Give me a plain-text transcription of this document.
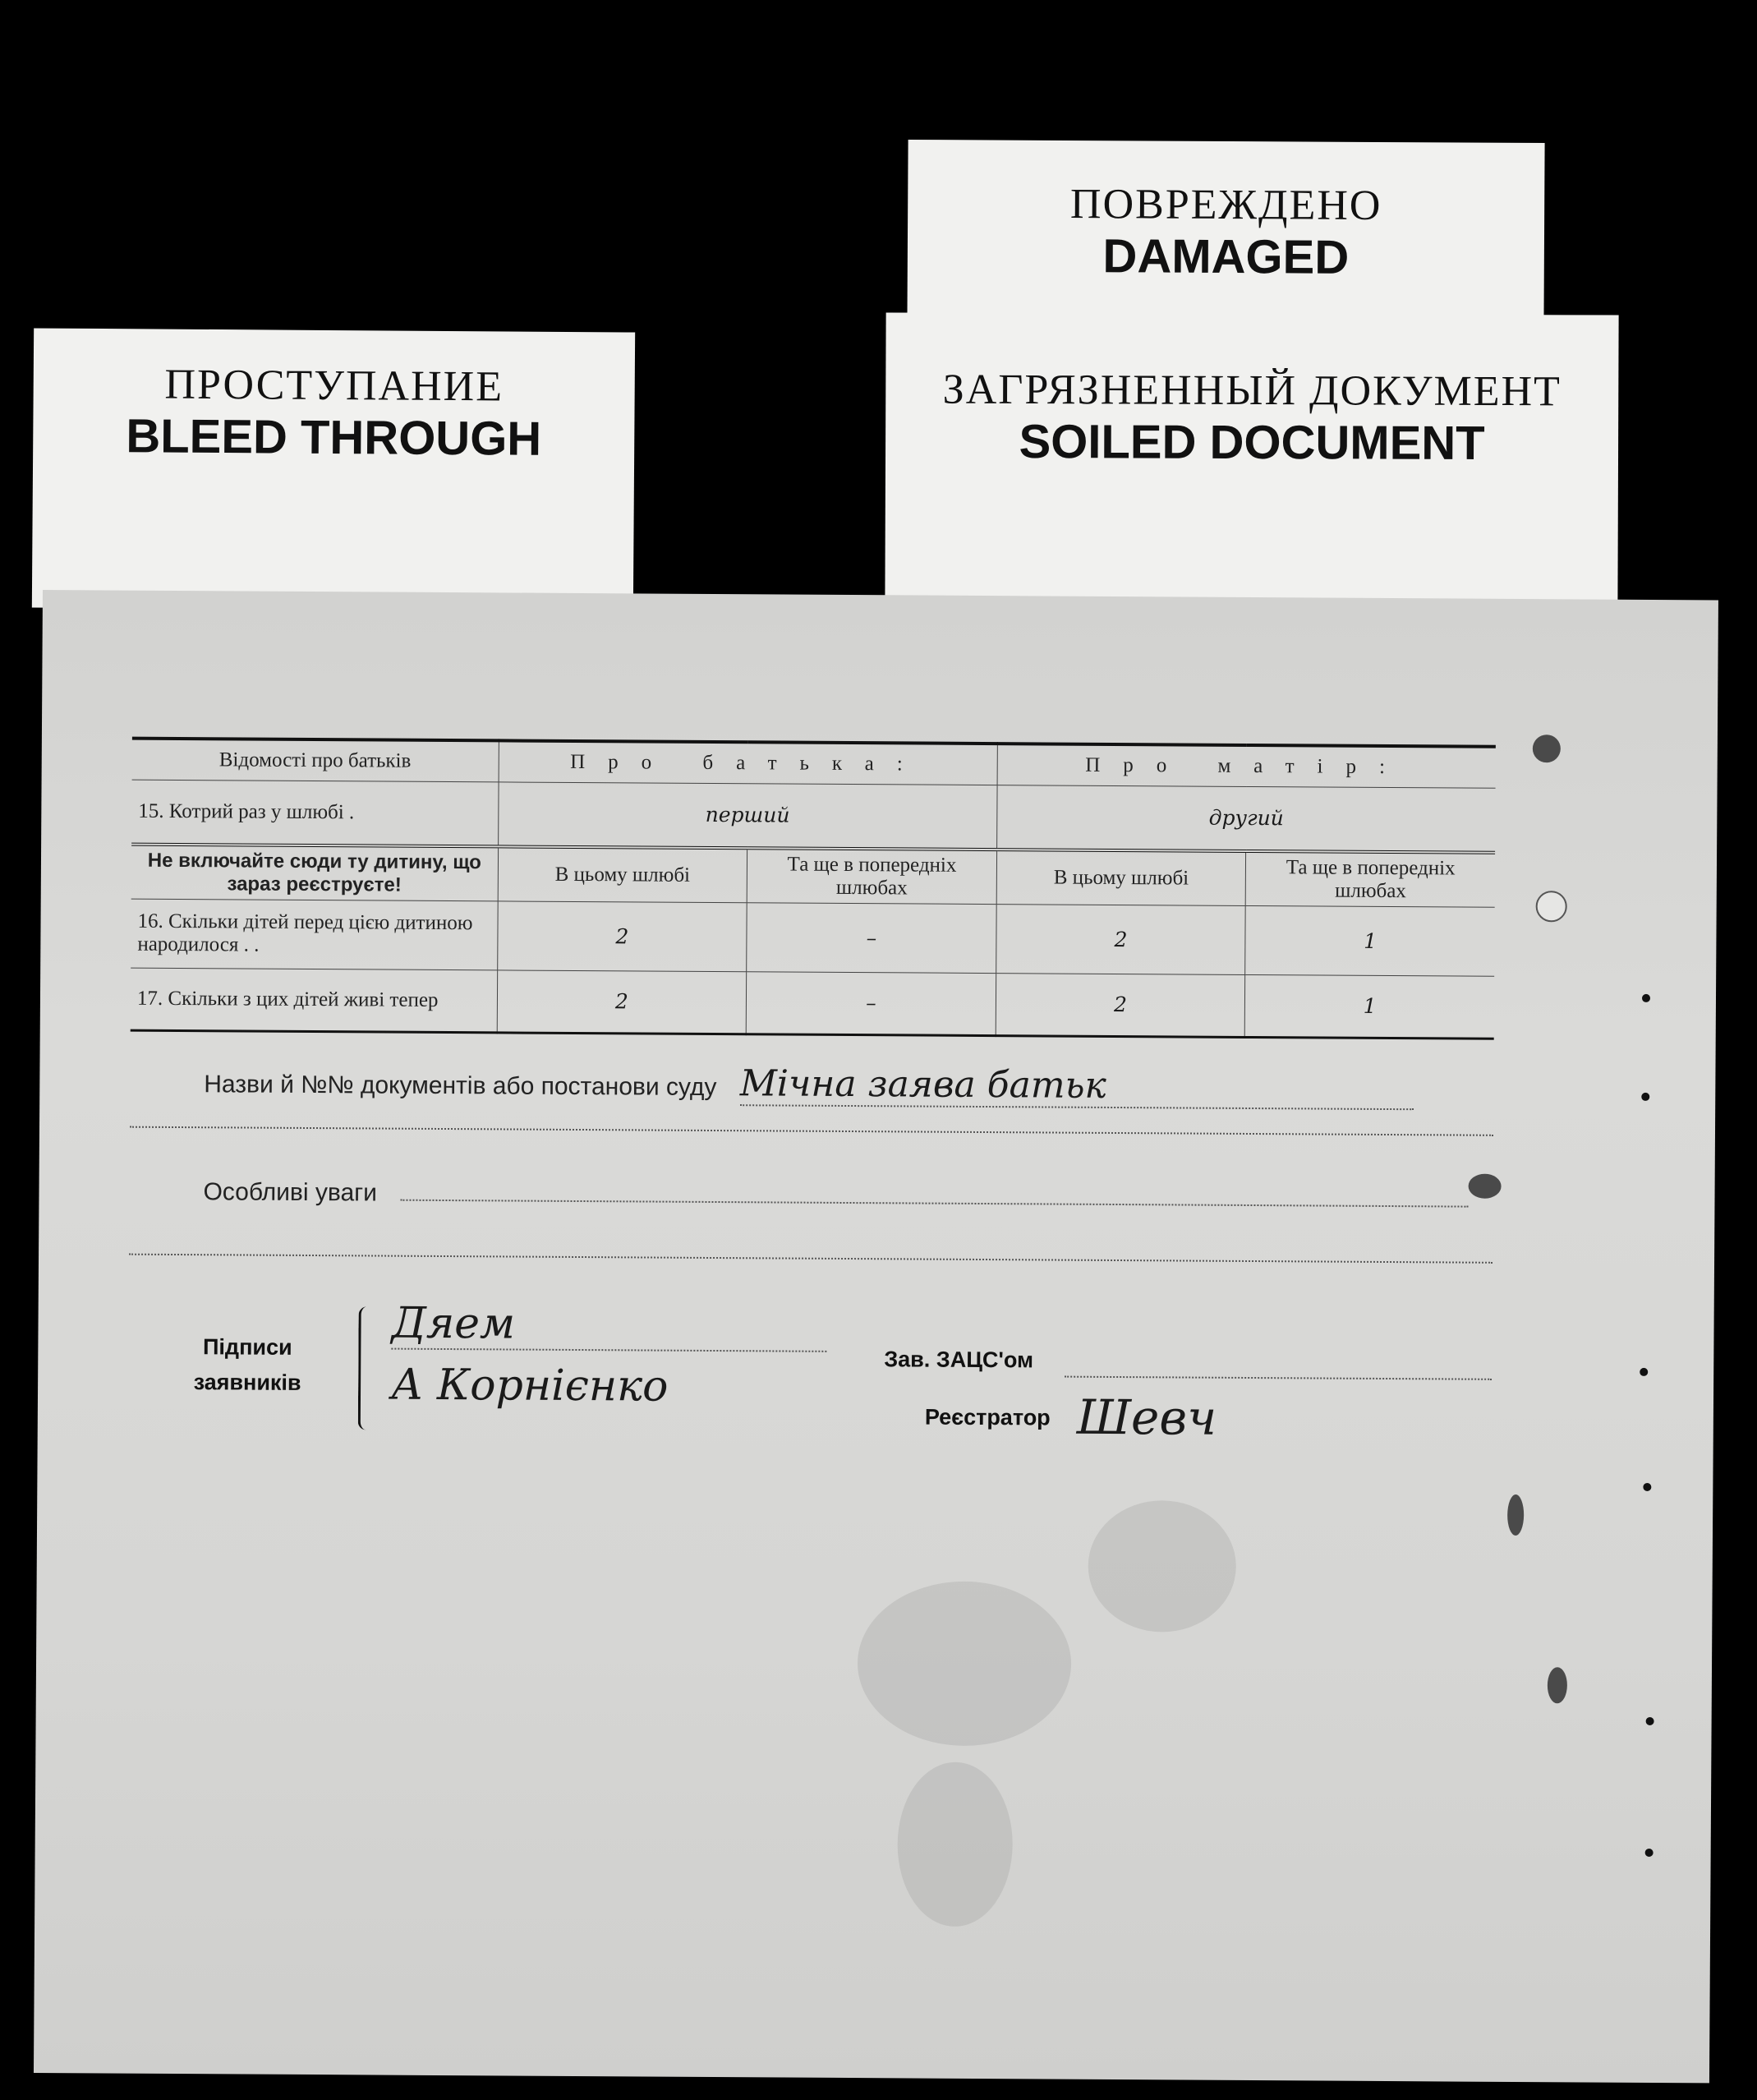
ПОВРЕЖДЕНО
DAMAGED
ПРОСТУПАНИЕ
BLEED THROUGH
ЗАГРЯЗНЕННЫЙ ДОКУМЕНТ
SOILED DOCUMENT
Відомості про батьків	Про батька:		Про матір:	
15. Котрий раз у шлюбі .	перший		другий	
Не включайте сюди ту дитину, що зараз реєструєте!	В цьому шлюбі	Та ще в попередніх шлюбах	В цьому шлюбі	Та ще в попередніх шлюбах
16. Скільки дітей перед цією дитиною народилося . .	2	–	2	1
17. Скільки з цих дітей живі тепер	2	–	2	1
Назви й №№ документів або постанови суду Мічна заява батьк
Особливі уваги
Підписи
заявників
Дяем
А Корнієнко
Зав. ЗАЦС'ом
Реєстратор Шевч
